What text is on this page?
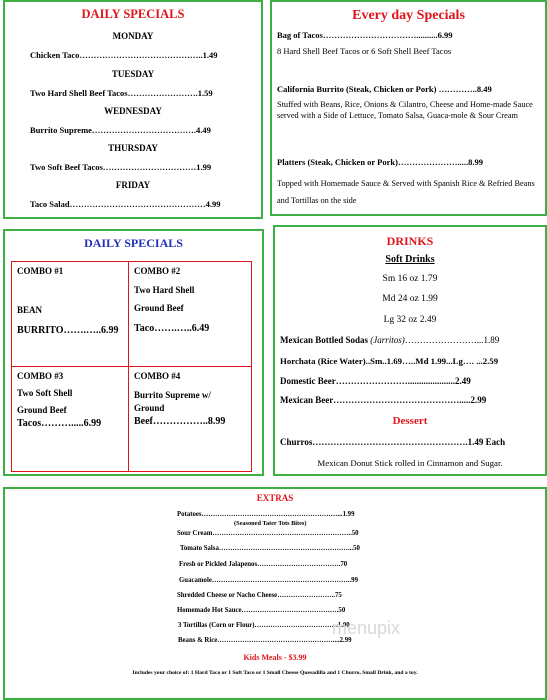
DAILY SPECIALS
MONDAY
Chicken Taco……………………………………..1.49
TUESDAY
Two Hard Shell Beef Tacos…………………….1.59
WEDNESDAY
Burrito Supreme……………………………….4.49
THURSDAY
Two Soft Beef Tacos……………………………1.99
FRIDAY
Taco Salad…………………………………………4.99
Every day Specials
Bag of Tacos……………………………..........6.99
8 Hard Shell Beef Tacos or 6 Soft Shell Beef Tacos
California Burrito (Steak, Chicken or Pork) …………..8.49
Stuffed with Beans, Rice, Onions & Cilantro, Cheese and Home-made Sauce served with a Side of Lettuce, Tomato Salsa, Guaca-mole & Sour Cream
Platters (Steak, Chicken or Pork)………………….....8.99
Topped with Homemade Sauce & Served with Spanish Rice & Refried Beans and Tortillas on the side
DAILY SPECIALS
COMBO #1
BEAN
BURRITO…….…..6.99
COMBO #2
Two Hard Shell
Ground Beef
Taco…….…..6.49
COMBO #3
Two Soft Shell
Ground Beef
Tacos……….....6.99
COMBO #4
Burrito Supreme w/
Ground
Beef……………..8.99
DRINKS
Soft Drinks
Sm 16 oz 1.79
Md 24 oz 1.99
Lg 32 oz 2.49
Mexican Bottled Sodas (Jarritos)……………………...1.89
Horchata (Rice Water)..Sm..1.69…..Md 1.99...Lg…. ...2.59
Domestic Beer…………………….....................2.49
Mexican Beer…………………………………….....2.99
Dessert
Churros…………………………………………….1.49 Each
Mexican Donut Stick rolled in Cinnamon and Sugar.
EXTRAS
Potatoes……………………………………………………...1.99
(Seasoned Tater Tots Bites)
Sour Cream……………………………………………………..50
Tomato Salsa…………………………………………………...50
Fresh or Pickled Jalapenos……………………………….70
Guacamole……………………………………………………..99
Shredded Cheese or Nacho Cheese……………………..75
Homemade Hot Sauce…………………………………….50
3 Tortillas (Corn or Flour)……………………………….1.00
Beans & Rice……………………………………………....2.99
Kids Meals - $3.99
Includes your choice of: 1 Hard Taco or 1 Soft Taco or 1 Small Cheese Quesadilla and 1 Churro, Small Drink, and a toy.
menupix
